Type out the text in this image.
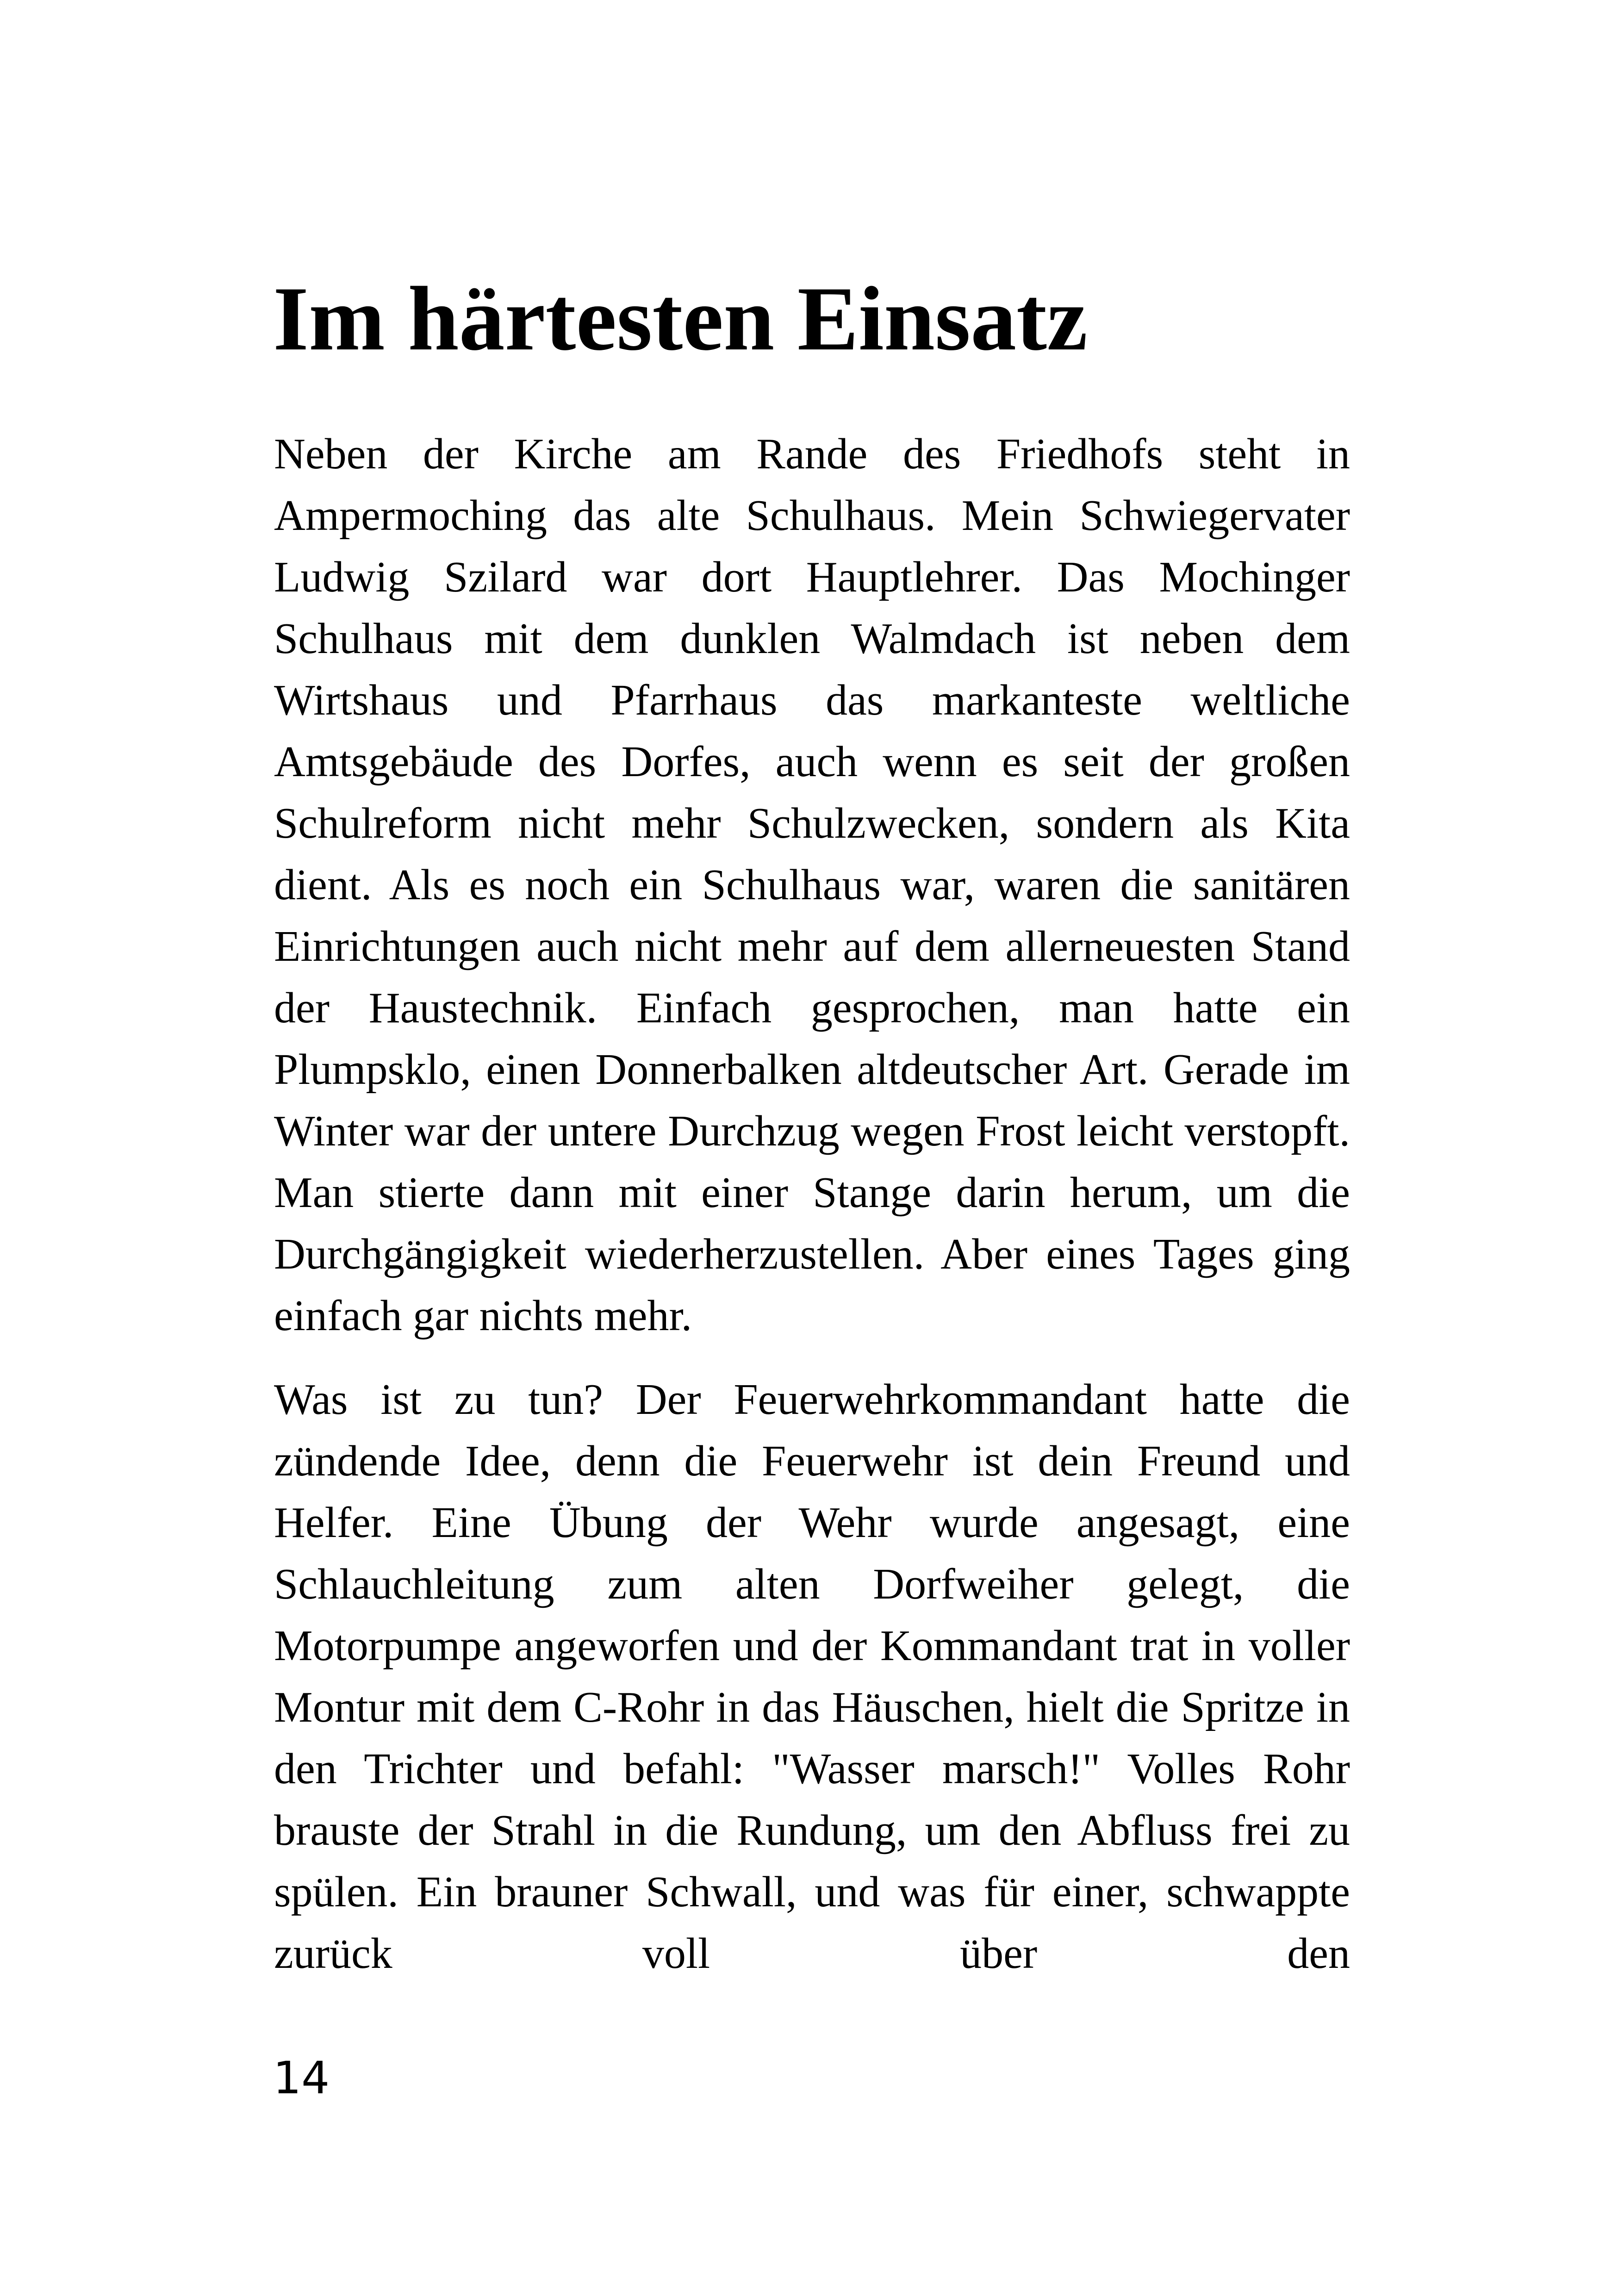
Im härtesten Einsatz

Neben der Kirche am Rande des Friedhofs steht in Ampermoching das alte Schulhaus. Mein Schwiegervater Ludwig Szilard war dort Hauptlehrer. Das Mochinger Schulhaus mit dem dunklen Walmdach ist neben dem Wirtshaus und Pfarrhaus das markanteste weltliche Amtsgebäude des Dorfes, auch wenn es seit der großen Schulreform nicht mehr Schulzwecken, sondern als Kita dient. Als es noch ein Schulhaus war, waren die sanitären Einrichtungen auch nicht mehr auf dem allerneuesten Stand der Haustechnik. Einfach gesprochen, man hatte ein Plumpsklo, einen Donnerbalken altdeutscher Art. Gerade im Winter war der untere Durchzug wegen Frost leicht verstopft. Man stierte dann mit einer Stange darin herum, um die Durchgängigkeit wiederherzustellen. Aber eines Tages ging einfach gar nichts mehr.

Was ist zu tun? Der Feuerwehrkommandant hatte die zündende Idee, denn die Feuerwehr ist dein Freund und Helfer. Eine Übung der Wehr wurde angesagt, eine Schlauchleitung zum alten Dorfweiher gelegt, die Motorpumpe angeworfen und der Kommandant trat in voller Montur mit dem C-Rohr in das Häuschen, hielt die Spritze in den Trichter und befahl: "Wasser marsch!" Volles Rohr brauste der Strahl in die Rundung, um den Abfluss frei zu spülen. Ein brauner Schwall, und was für einer, schwappte zurück voll über den

14
